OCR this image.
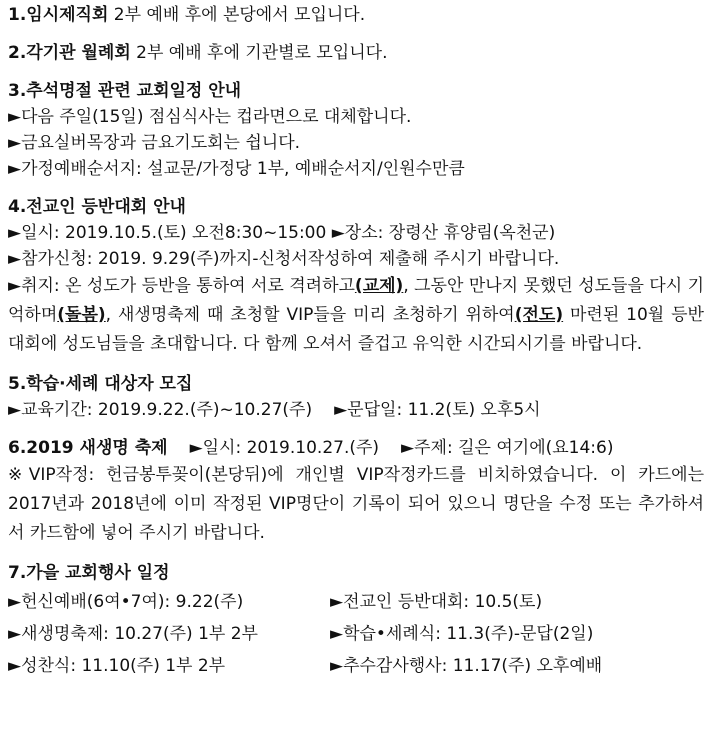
1.임시제직회 2부 예배 후에 본당에서 모입니다.
2.각기관 월례회 2부 예배 후에 기관별로 모입니다.
3.추석명절 관련 교회일정 안내
►다음 주일(15일) 점심식사는 컵라면으로 대체합니다.
►금요실버목장과 금요기도회는 쉽니다.
►가정예배순서지: 설교문/가정당 1부, 예배순서지/인원수만큼
4.전교인 등반대회 안내
►일시: 2019.10.5.(토) 오전8:30~15:00 ►장소: 장령산 휴양림(옥천군)
►참가신청: 2019. 9.29(주)까지-신청서작성하여 제출해 주시기 바랍니다.

►취지: 온 성도가 등반을 통하여 서로 격려하고(교제), 그동안 만나지 못했던 성도들을 다시 기억하며(돌봄), 새생명축제 때 초청할 VIP들을 미리 초청하기 위하여(전도) 마련된 10월 등반대회에 성도님들을 초대합니다. 다 함께 오셔서 즐겁고 유익한 시간되시기를 바랍니다.

5.학습·세례 대상자 모집
►교육기간: 2019.9.22.(주)~10.27(주) ►문답일: 11.2(토) 오후5시
6.2019 새생명 축제 ►일시: 2019.10.27.(주) ►주제: 길은 여기에(요14:6)

※VIP작정: 헌금봉투꽂이(본당뒤)에 개인별 VIP작정카드를 비치하였습니다. 이 카드에는 2017년과 2018년에 이미 작정된 VIP명단이 기록이 되어 있으니 명단을 수정 또는 추가하셔서 카드함에 넣어 주시기 바랍니다.

7.가을 교회행사 일정
►헌신예배(6여•7여): 9.22(주)	►전교인 등반대회: 10.5(토)
►새생명축제: 10.27(주) 1부 2부	►학습•세례식: 11.3(주)-문답(2일)
►성찬식: 11.10(주) 1부 2부	►추수감사행사: 11.17(주) 오후예배
